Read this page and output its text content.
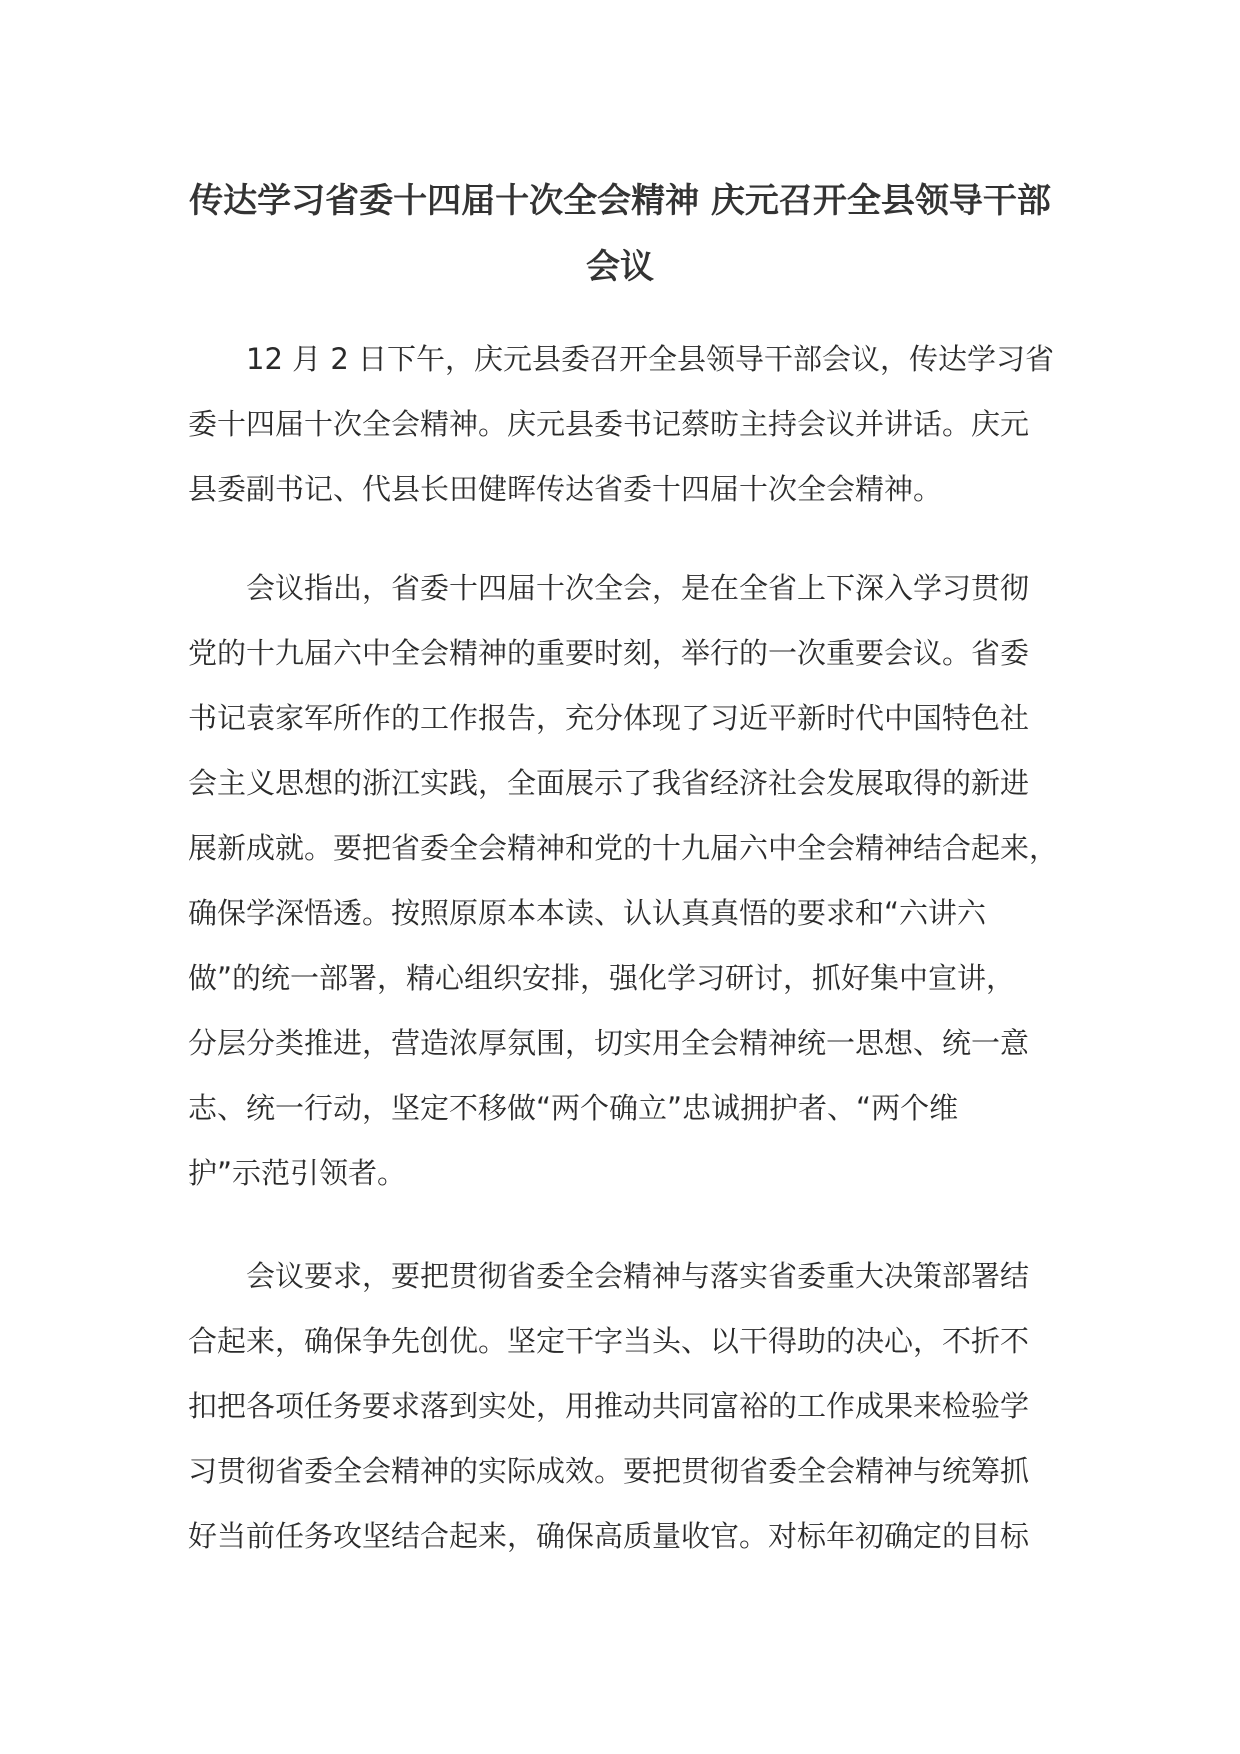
传达学习省委十四届十次全会精神 庆元召开全县领导干部
会议
12 月 2 日下午，庆元县委召开全县领导干部会议，传达学习省
委十四届十次全会精神。庆元县委书记蔡昉主持会议并讲话。庆元
县委副书记、代县长田健晖传达省委十四届十次全会精神。
会议指出，省委十四届十次全会，是在全省上下深入学习贯彻
党的十九届六中全会精神的重要时刻，举行的一次重要会议。省委
书记袁家军所作的工作报告，充分体现了习近平新时代中国特色社
会主义思想的浙江实践，全面展示了我省经济社会发展取得的新进
展新成就。要把省委全会精神和党的十九届六中全会精神结合起来，
确保学深悟透。按照原原本本读、认认真真悟的要求和“六讲六
做”的统一部署，精心组织安排，强化学习研讨，抓好集中宣讲，
分层分类推进，营造浓厚氛围，切实用全会精神统一思想、统一意
志、统一行动，坚定不移做“两个确立”忠诚拥护者、“两个维
护”示范引领者。
会议要求，要把贯彻省委全会精神与落实省委重大决策部署结
合起来，确保争先创优。坚定干字当头、以干得助的决心，不折不
扣把各项任务要求落到实处，用推动共同富裕的工作成果来检验学
习贯彻省委全会精神的实际成效。要把贯彻省委全会精神与统筹抓
好当前任务攻坚结合起来，确保高质量收官。对标年初确定的目标
